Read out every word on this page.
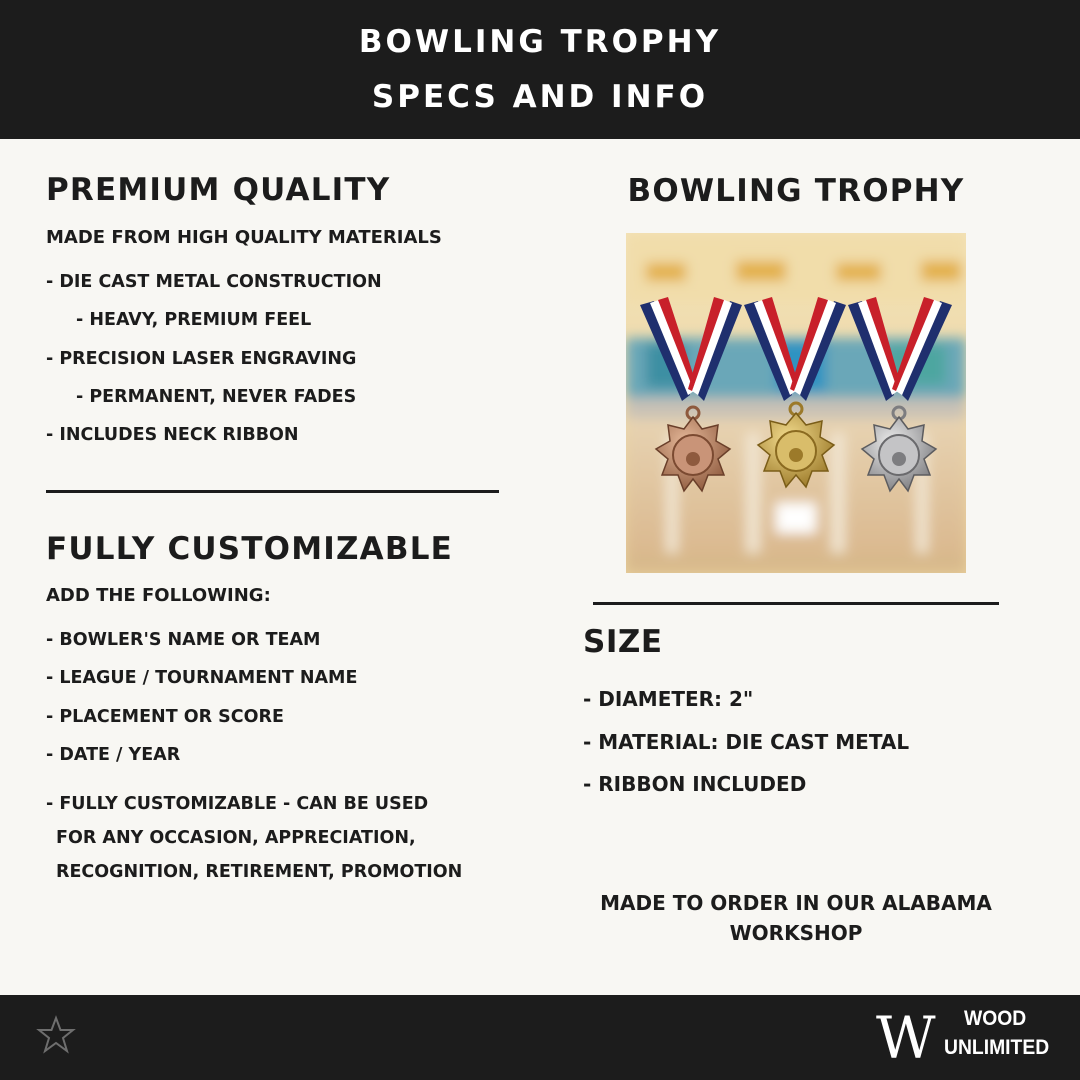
BOWLING TROPHY
SPECS AND INFO
PREMIUM QUALITY
MADE FROM HIGH QUALITY MATERIALS
- DIE CAST METAL CONSTRUCTION
- HEAVY, PREMIUM FEEL
- PRECISION LASER ENGRAVING
- PERMANENT, NEVER FADES
- INCLUDES NECK RIBBON
FULLY CUSTOMIZABLE
ADD THE FOLLOWING:
- BOWLER'S NAME OR TEAM
- LEAGUE / TOURNAMENT NAME
- PLACEMENT OR SCORE
- DATE / YEAR
- FULLY CUSTOMIZABLE - CAN BE USED
FOR ANY OCCASION, APPRECIATION,
RECOGNITION, RETIREMENT, PROMOTION
BOWLING TROPHY
SIZE
- DIAMETER: 2"
- MATERIAL: DIE CAST METAL
- RIBBON INCLUDED
MADE TO ORDER IN OUR ALABAMA
WORKSHOP
W WOOD
UNLIMITED
